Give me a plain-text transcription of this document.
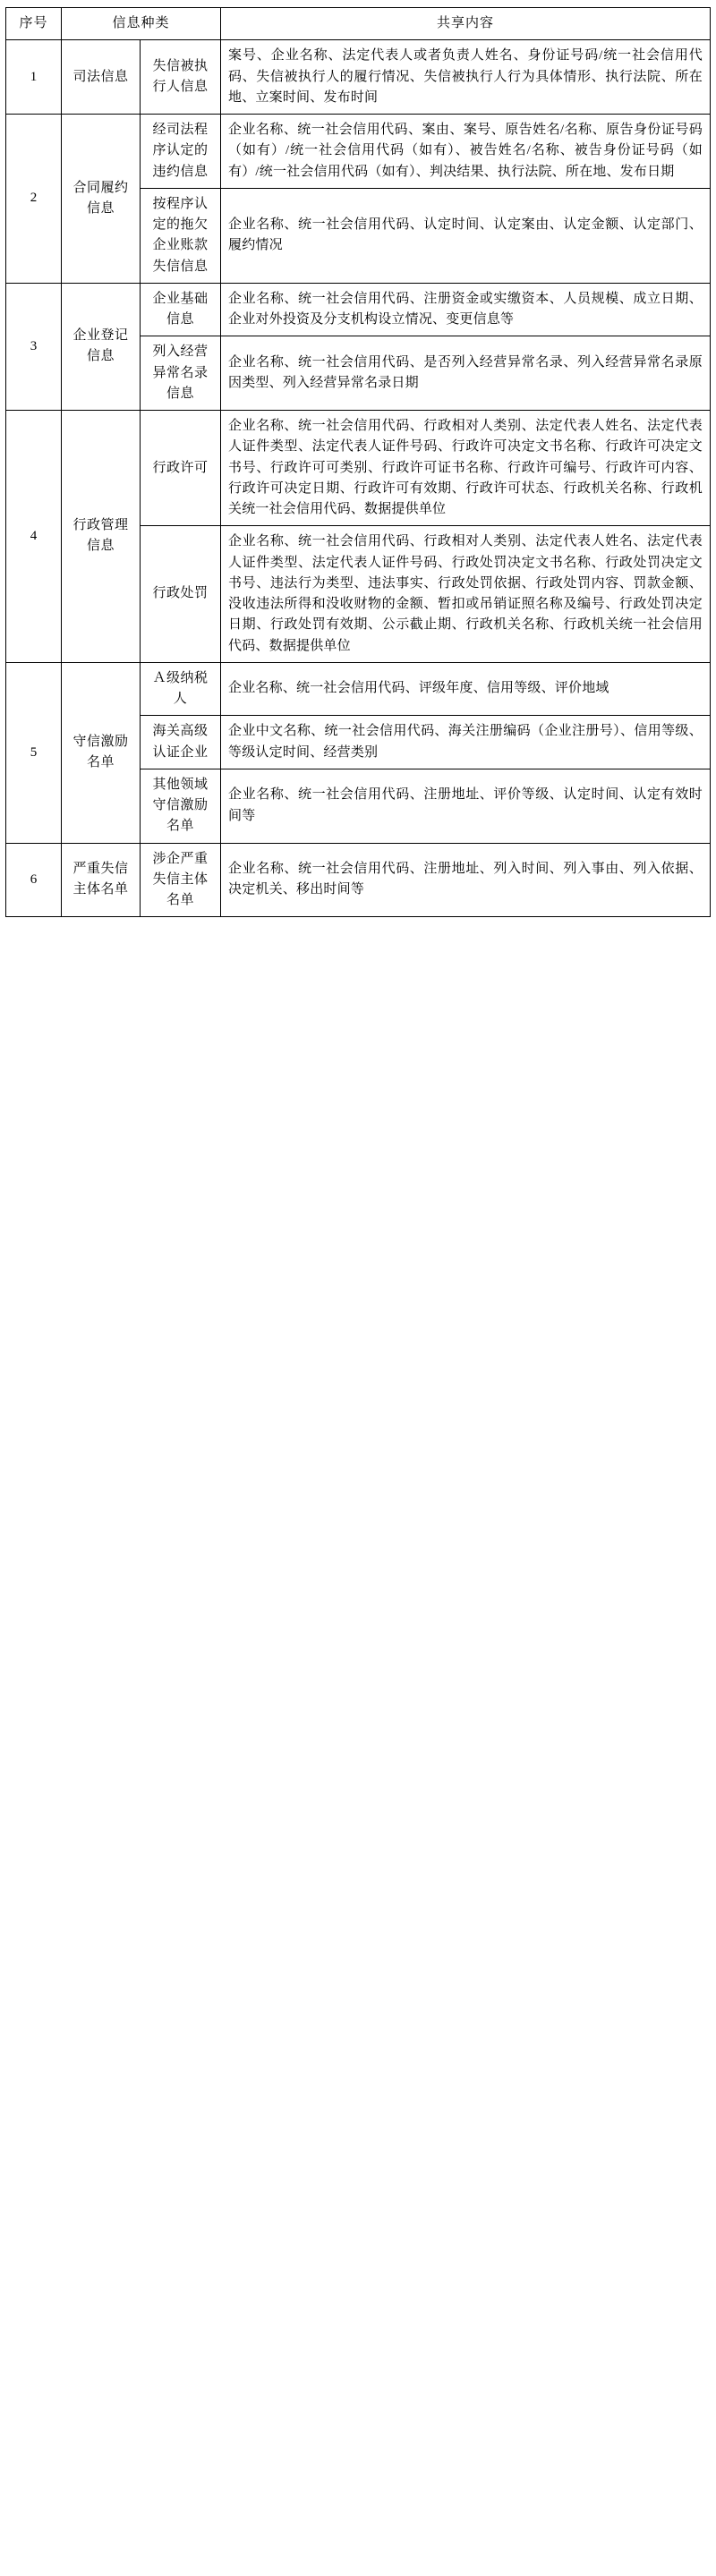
序号	信息种类		共享内容
1	司法信息	失信被执行人信息	案号、企业名称、法定代表人或者负责人姓名、身份证号码/统一社会信用代码、失信被执行人的履行情况、失信被执行人行为具体情形、执行法院、所在地、立案时间、发布时间
2	合同履约信息	经司法程序认定的违约信息	企业名称、统一社会信用代码、案由、案号、原告姓名/名称、原告身份证号码（如有）/统一社会信用代码（如有）、被告姓名/名称、被告身份证号码（如有）/统一社会信用代码（如有）、判决结果、执行法院、所在地、发布日期
		按程序认定的拖欠企业账款失信信息	企业名称、统一社会信用代码、认定时间、认定案由、认定金额、认定部门、履约情况
3	企业登记信息	企业基础信息	企业名称、统一社会信用代码、注册资金或实缴资本、人员规模、成立日期、企业对外投资及分支机构设立情况、变更信息等
		列入经营异常名录信息	企业名称、统一社会信用代码、是否列入经营异常名录、列入经营异常名录原因类型、列入经营异常名录日期
4	行政管理信息	行政许可	企业名称、统一社会信用代码、行政相对人类别、法定代表人姓名、法定代表人证件类型、法定代表人证件号码、行政许可决定文书名称、行政许可决定文书号、行政许可可类别、行政许可证书名称、行政许可编号、行政许可内容、行政许可决定日期、行政许可有效期、行政许可状态、行政机关名称、行政机关统一社会信用代码、数据提供单位
		行政处罚	企业名称、统一社会信用代码、行政相对人类别、法定代表人姓名、法定代表人证件类型、法定代表人证件号码、行政处罚决定文书名称、行政处罚决定文书号、违法行为类型、违法事实、行政处罚依据、行政处罚内容、罚款金额、没收违法所得和没收财物的金额、暂扣或吊销证照名称及编号、行政处罚决定日期、行政处罚有效期、公示截止期、行政机关名称、行政机关统一社会信用代码、数据提供单位
5	守信激励名单	Ａ级纳税人	企业名称、统一社会信用代码、评级年度、信用等级、评价地域
		海关高级认证企业	企业中文名称、统一社会信用代码、海关注册编码（企业注册号）、信用等级、等级认定时间、经营类别
		其他领域守信激励名单	企业名称、统一社会信用代码、注册地址、评价等级、认定时间、认定有效时间等
6	严重失信主体名单	涉企严重失信主体名单	企业名称、统一社会信用代码、注册地址、列入时间、列入事由、列入依据、决定机关、移出时间等
